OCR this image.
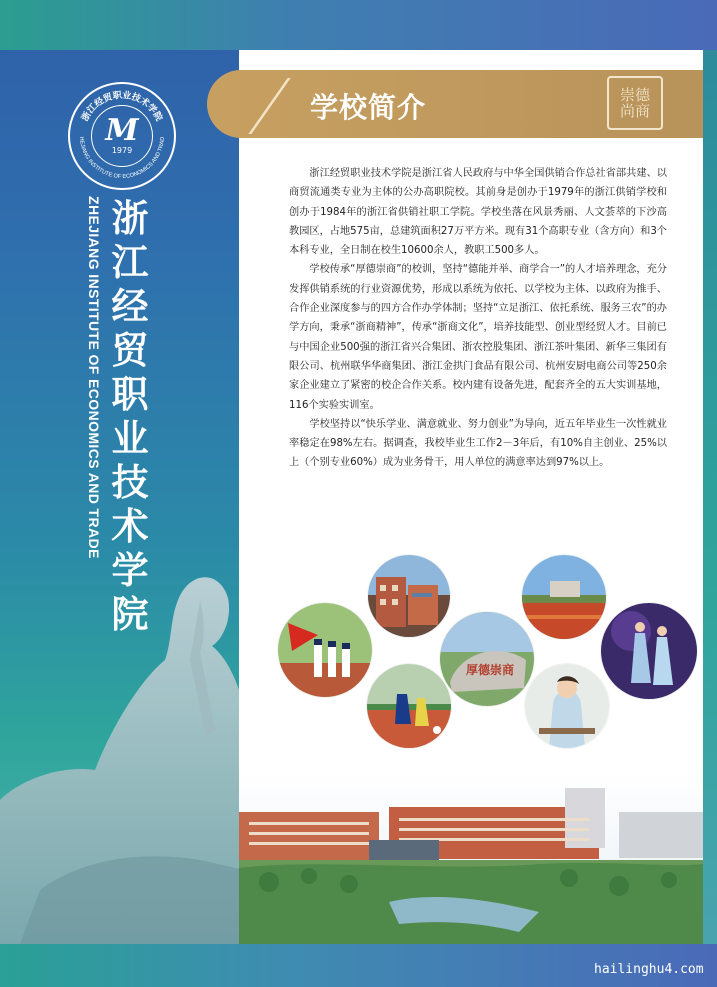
浙江经贸职业技术学院
HEJIANG INSTITUTE OF ECONOMICS AND TRAD
M
1979
浙江经贸职业技术学院
ZHEJIANG INSTITUTE OF ECONOMICS AND TRADE
学校简介	崇德尚商

浙江经贸职业技术学院是浙江省人民政府与中华全国供销合作总社省部共建、以商贸流通类专业为主体的公办高职院校。其前身是创办于1979年的浙江供销学校和创办于1984年的浙江省供销社职工学院。学校坐落在风景秀丽、人文荟萃的下沙高教园区，占地575亩，总建筑面积27万平方米。现有31个高职专业（含方向）和3个本科专业，全日制在校生10600余人，教职工500多人。

学校传承“厚德崇商”的校训，坚持“德能并举、商学合一”的人才培养理念，充分发挥供销系统的行业资源优势，形成以系统为依托、以学校为主体、以政府为推手、合作企业深度参与的四方合作办学体制；坚持“立足浙江、依托系统、服务三农”的办学方向，秉承“浙商精神”，传承“浙商文化”，培养技能型、创业型经贸人才。目前已与中国企业500强的浙江省兴合集团、浙农控股集团、浙江茶叶集团、新华三集团有限公司、杭州联华华商集团、浙江金拱门食品有限公司、杭州安厨电商公司等250余家企业建立了紧密的校企合作关系。校内建有设备先进，配套齐全的五大实训基地，116个实验实训室。

学校坚持以“快乐学业、满意就业、努力创业”为导向，近五年毕业生一次性就业率稳定在98%左右。据调查，我校毕业生工作2－3年后，有10%自主创业、25%以上（个别专业60%）成为业务骨干，用人单位的满意率达到97%以上。

厚德崇商
hailinghu4.com
